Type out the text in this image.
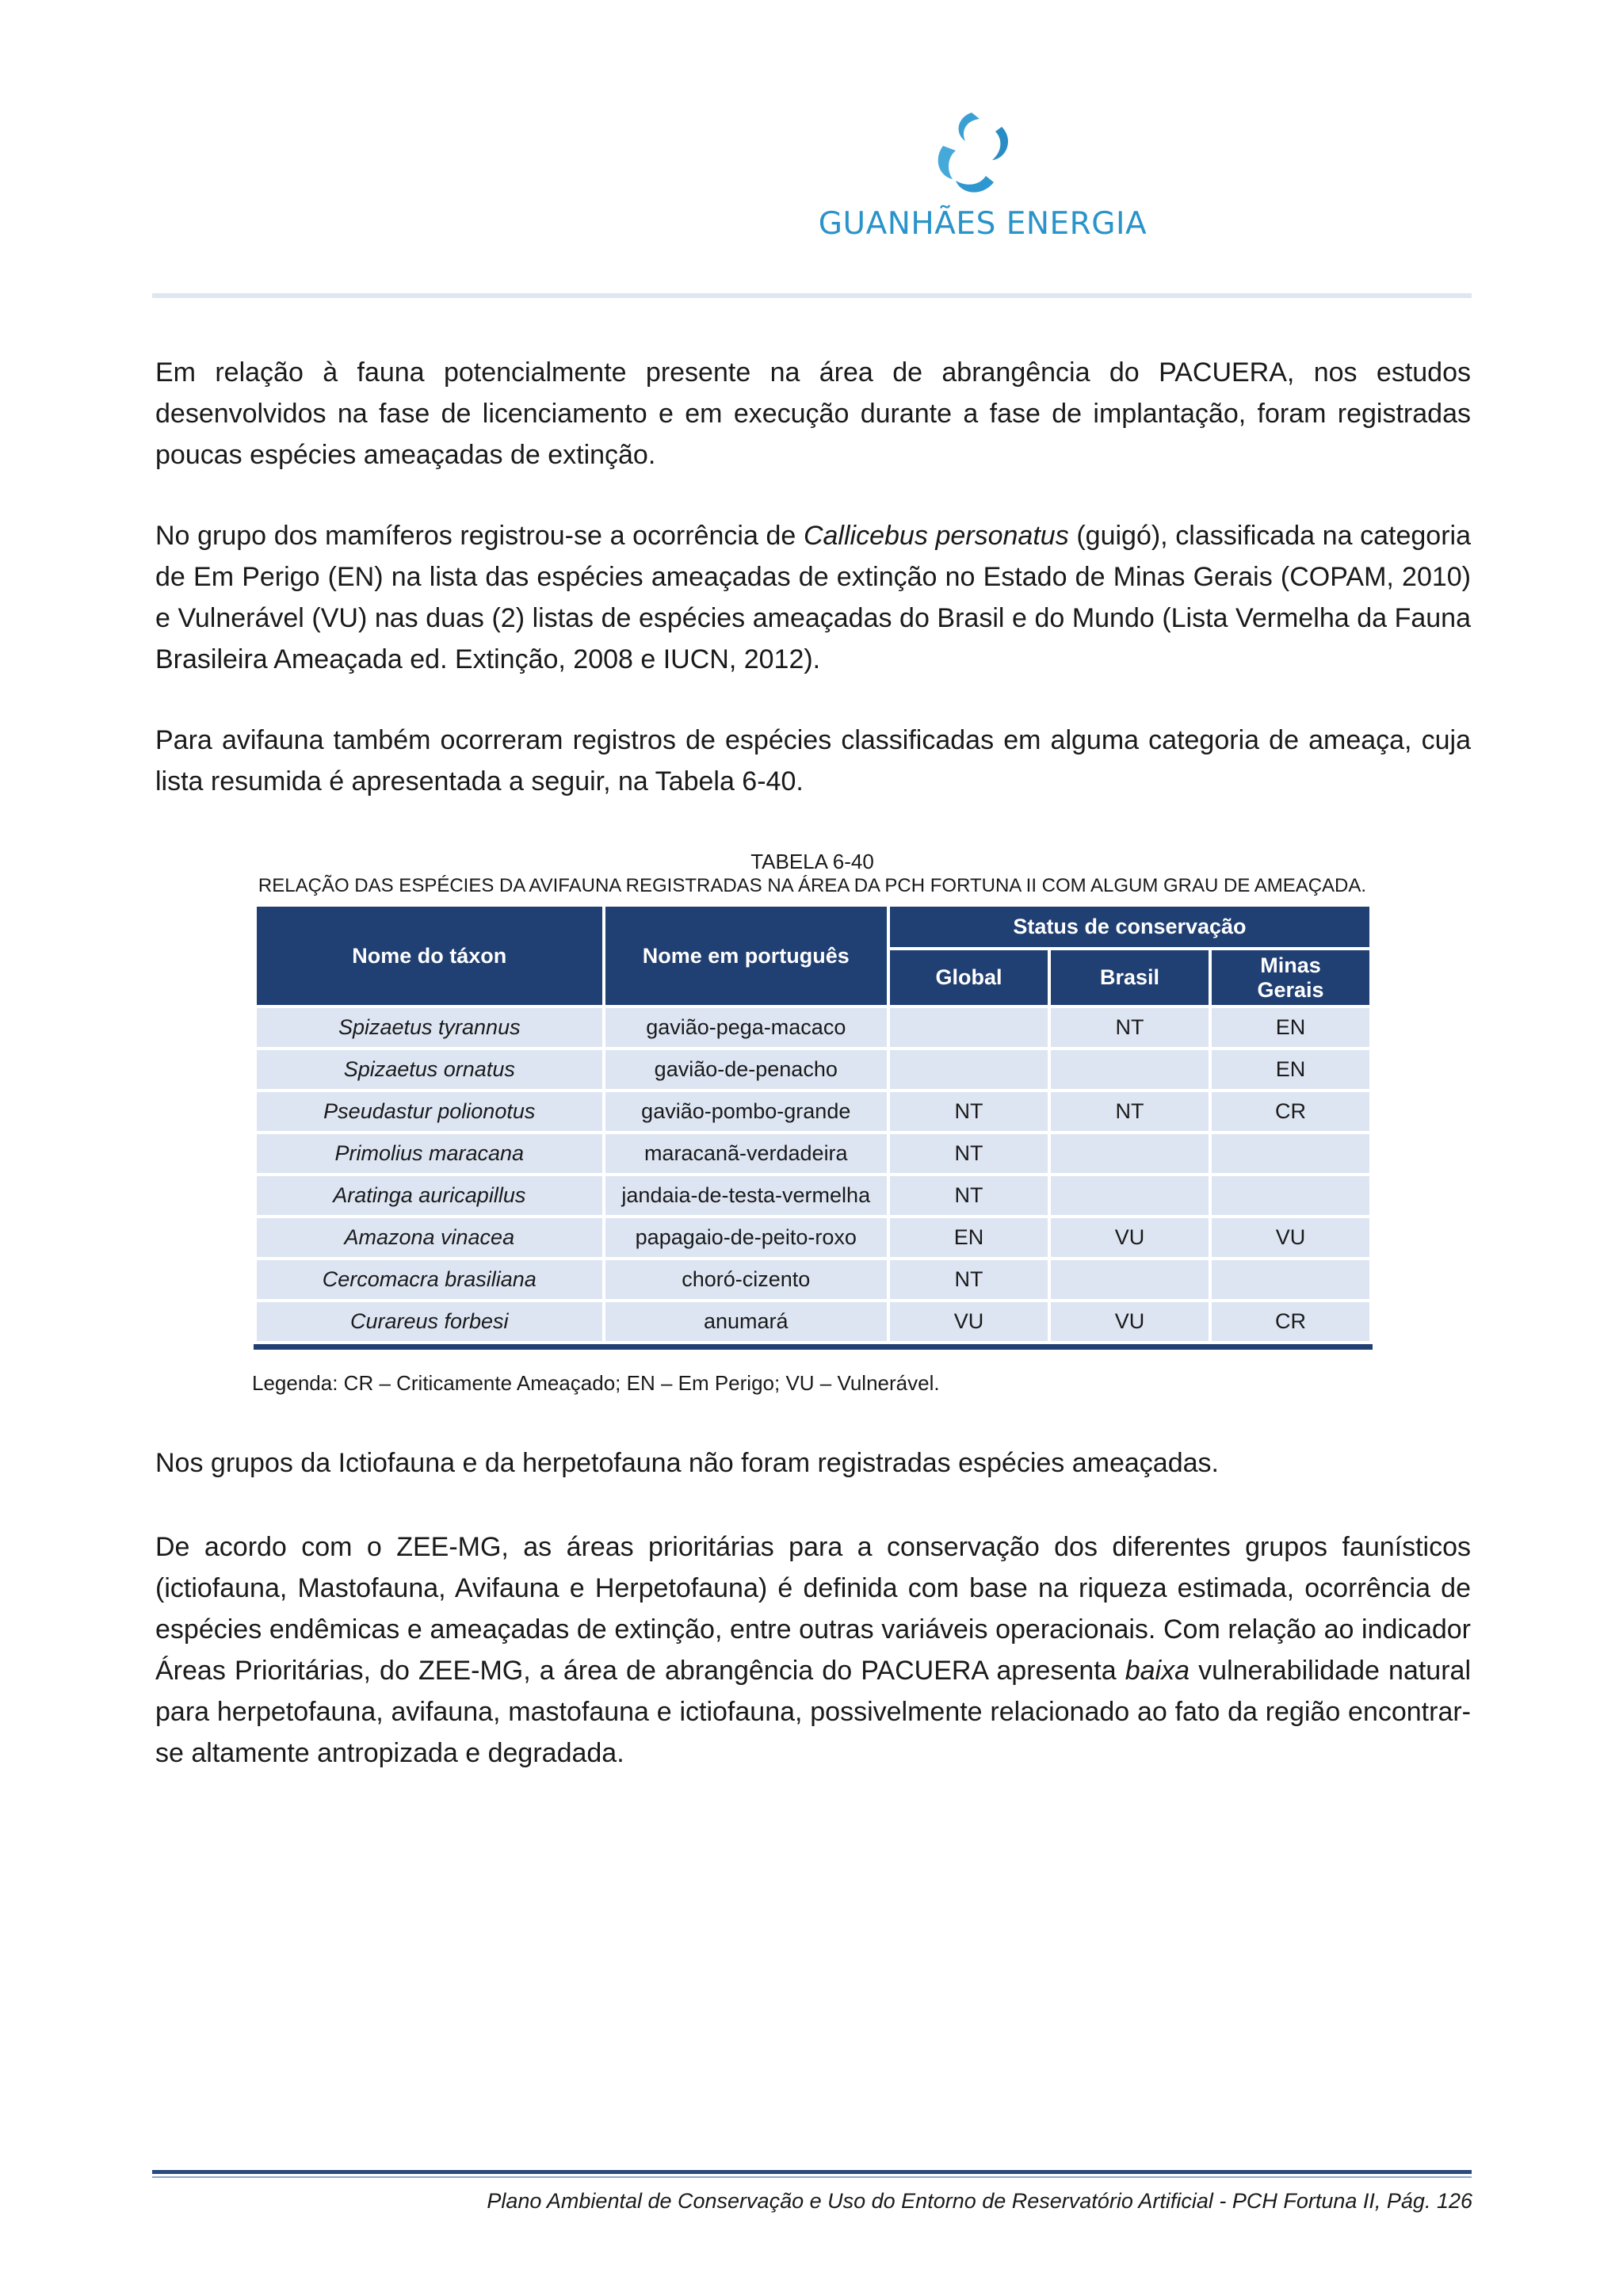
GUANHÃES ENERGIA

Em relação à fauna potencialmente presente na área de abrangência do PACUERA, nos estudos desenvolvidos na fase de licenciamento e em execução durante a fase de implantação, foram registradas poucas espécies ameaçadas de extinção.

No grupo dos mamíferos registrou-se a ocorrência de Callicebus personatus (guigó), classificada na categoria de Em Perigo (EN) na lista das espécies ameaçadas de extinção no Estado de Minas Gerais (COPAM, 2010) e Vulnerável (VU) nas duas (2) listas de espécies ameaçadas do Brasil e do Mundo (Lista Vermelha da Fauna Brasileira Ameaçada ed. Extinção, 2008 e IUCN, 2012).

Para avifauna também ocorreram registros de espécies classificadas em alguma categoria de ameaça, cuja lista resumida é apresentada a seguir, na Tabela 6-40.

TABELA 6-40
RELAÇÃO DAS ESPÉCIES DA AVIFAUNA REGISTRADAS NA ÁREA DA PCH FORTUNA II COM ALGUM GRAU DE AMEAÇADA.
Nome do táxon	Nome em português	Status de conservação		
		Global	Brasil	Minas
Gerais
Spizaetus tyrannus	gavião-pega-macaco		NT	EN
Spizaetus ornatus	gavião-de-penacho			EN
Pseudastur polionotus	gavião-pombo-grande	NT	NT	CR
Primolius maracana	maracanã-verdadeira	NT		
Aratinga auricapillus	jandaia-de-testa-vermelha	NT		
Amazona vinacea	papagaio-de-peito-roxo	EN	VU	VU
Cercomacra brasiliana	choró-cizento	NT		
Curareus forbesi	anumará	VU	VU	CR
Legenda: CR – Criticamente Ameaçado; EN – Em Perigo; VU – Vulnerável.

Nos grupos da Ictiofauna e da herpetofauna não foram registradas espécies ameaçadas.

De acordo com o ZEE-MG, as áreas prioritárias para a conservação dos diferentes grupos faunísticos (ictiofauna, Mastofauna, Avifauna e Herpetofauna) é definida com base na riqueza estimada, ocorrência de espécies endêmicas e ameaçadas de extinção, entre outras variáveis operacionais. Com relação ao indicador Áreas Prioritárias, do ZEE-MG, a área de abrangência do PACUERA apresenta baixa vulnerabilidade natural para herpetofauna, avifauna, mastofauna e ictiofauna, possivelmente relacionado ao fato da região encontrar-se altamente antropizada e degradada.

Plano Ambiental de Conservação e Uso do Entorno de Reservatório Artificial - PCH Fortuna II, Pág. 126
